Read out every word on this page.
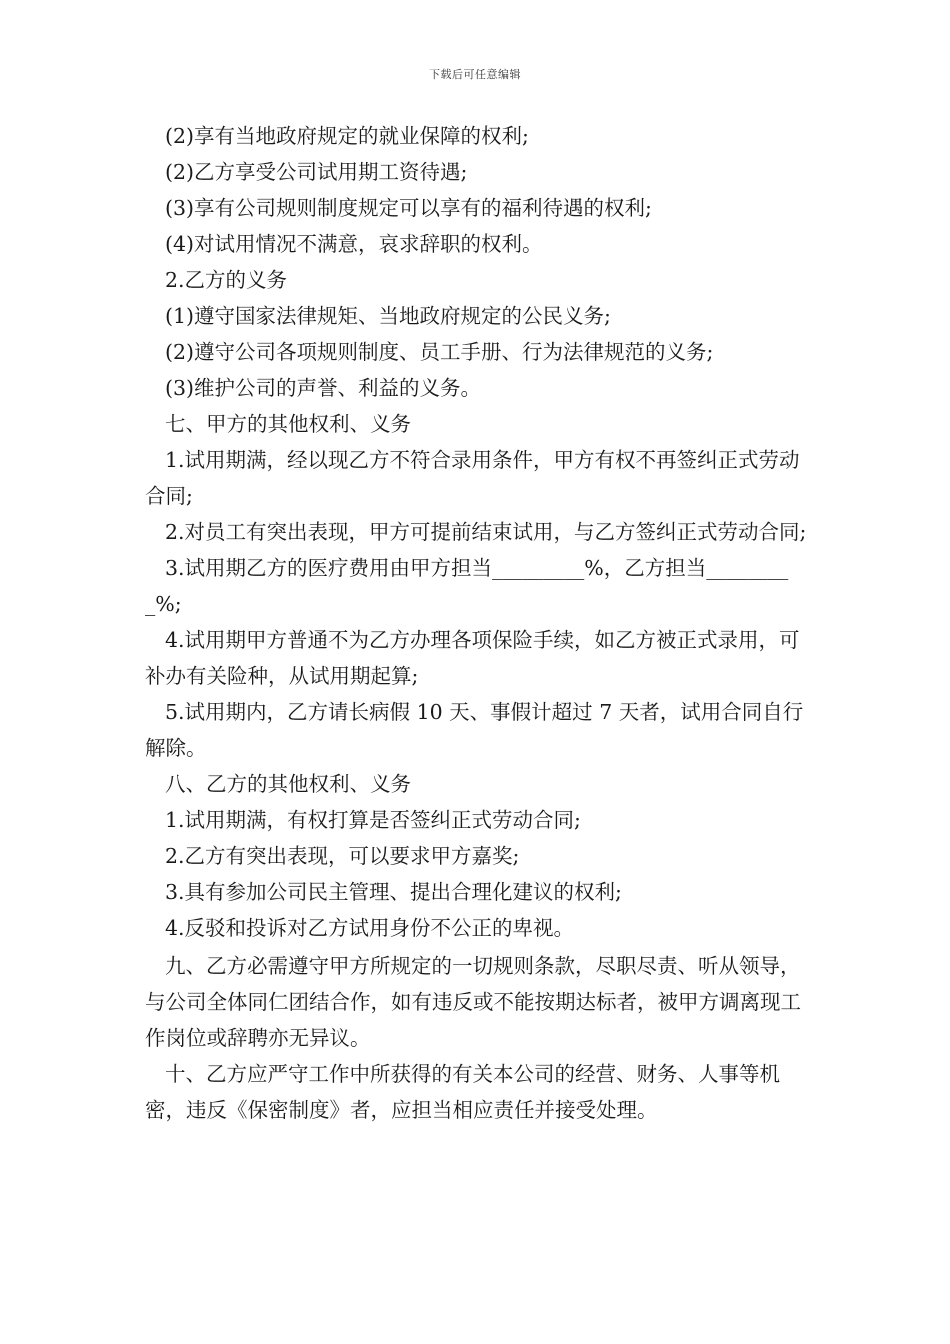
下载后可任意编辑

(2)享有当地政府规定的就业保障的权利;

(2)乙方享受公司试用期工资待遇;

(3)享有公司规则制度规定可以享有的福利待遇的权利;

(4)对试用情况不满意，哀求辞职的权利。

2.乙方的义务

(1)遵守国家法律规矩、当地政府规定的公民义务;

(2)遵守公司各项规则制度、员工手册、行为法律规范的义务;

(3)维护公司的声誉、利益的义务。

七、甲方的其他权利、义务

1.试用期满，经以现乙方不符合录用条件，甲方有权不再签纠正式劳动合同;

2.对员工有突出表现，甲方可提前结束试用，与乙方签纠正式劳动合同;

3.试用期乙方的医疗费用由甲方担当_________%，乙方担当_________%;

4.试用期甲方普通不为乙方办理各项保险手续，如乙方被正式录用，可补办有关险种，从试用期起算;

5.试用期内，乙方请长病假 10 天、事假计超过 7 天者，试用合同自行解除。

八、乙方的其他权利、义务

1.试用期满，有权打算是否签纠正式劳动合同;

2.乙方有突出表现，可以要求甲方嘉奖;

3.具有参加公司民主管理、提出合理化建议的权利;

4.反驳和投诉对乙方试用身份不公正的卑视。

九、乙方必需遵守甲方所规定的一切规则条款，尽职尽责、听从领导，与公司全体同仁团结合作，如有违反或不能按期达标者，被甲方调离现工作岗位或辞聘亦无异议。

十、乙方应严守工作中所获得的有关本公司的经营、财务、人事等机密，违反《保密制度》者，应担当相应责任并接受处理。
